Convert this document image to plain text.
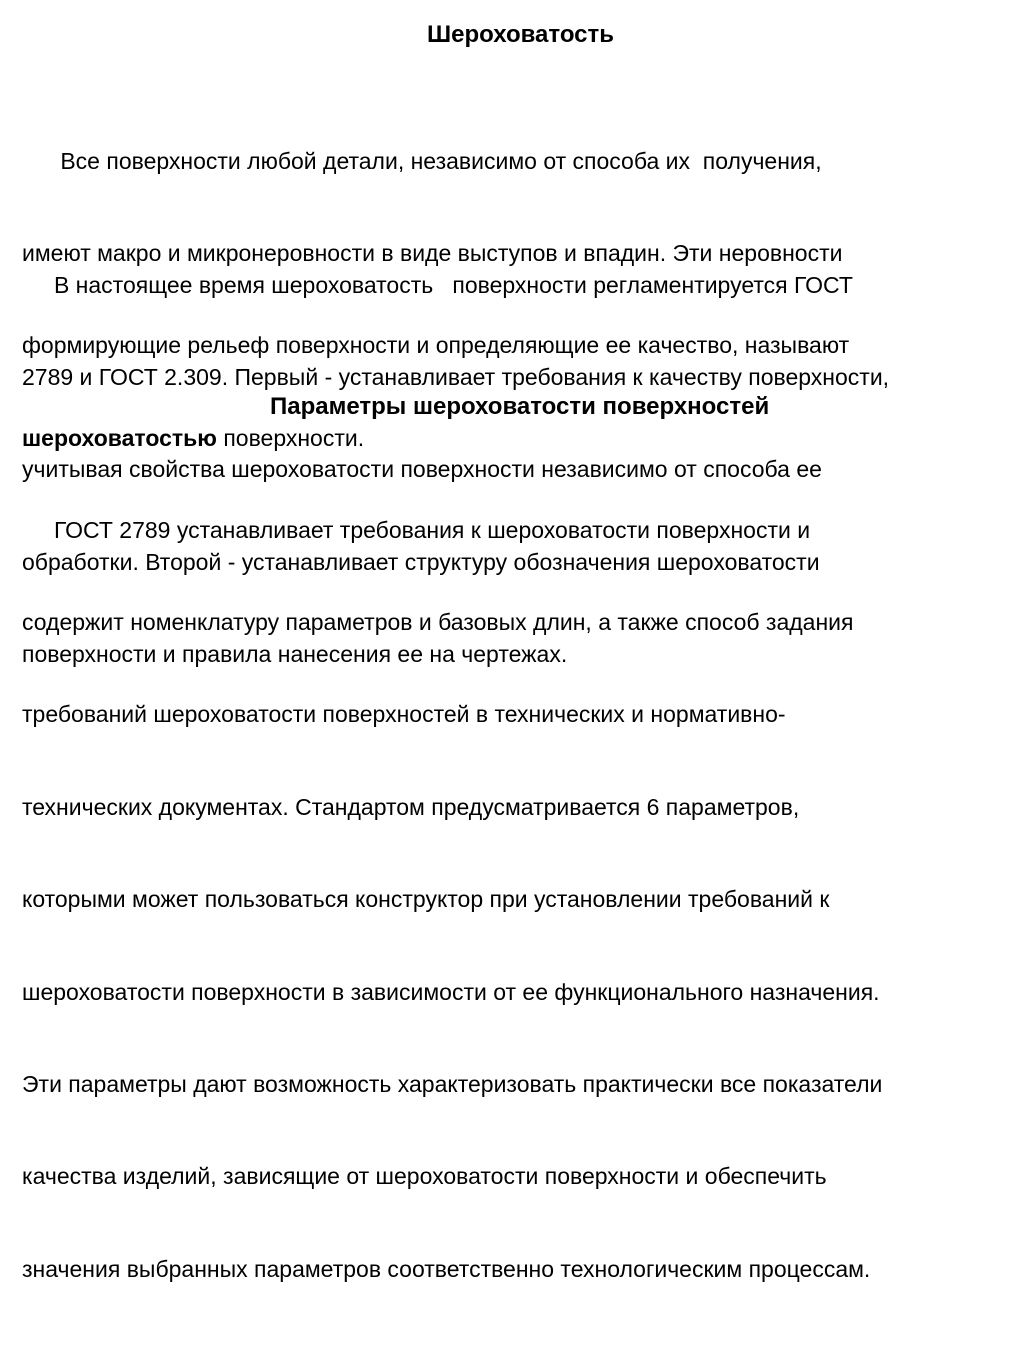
Шероховатость

Все поверхности любой детали, независимо от способа их  получения,

имеют макро и микронеровности в виде выступов и впадин. Эти неровности

формирующие рельеф поверхности и определяющие ее качество, называют

шероховатостью поверхности.

В настоящее время шероховатость   поверхности регламентируется ГОСТ

2789 и ГОСТ 2.309. Первый - устанавливает требования к качеству поверхности,

учитывая свойства шероховатости поверхности независимо от способа ее

обработки. Второй - устанавливает структуру обозначения шероховатости

поверхности и правила нанесения ее на чертежах.

Параметры шероховатости поверхностей

ГОСТ 2789 устанавливает требования к шероховатости поверхности и

содержит номенклатуру параметров и базовых длин, а также способ задания

требований шероховатости поверхностей в технических и нормативно-

технических документах. Стандартом предусматривается 6 параметров,

которыми может пользоваться конструктор при установлении требований к

шероховатости поверхности в зависимости от ее функционального назначения.

Эти параметры дают возможность характеризовать практически все показатели

качества изделий, зависящие от шероховатости поверхности и обеспечить

значения выбранных параметров соответственно технологическим процессам.
